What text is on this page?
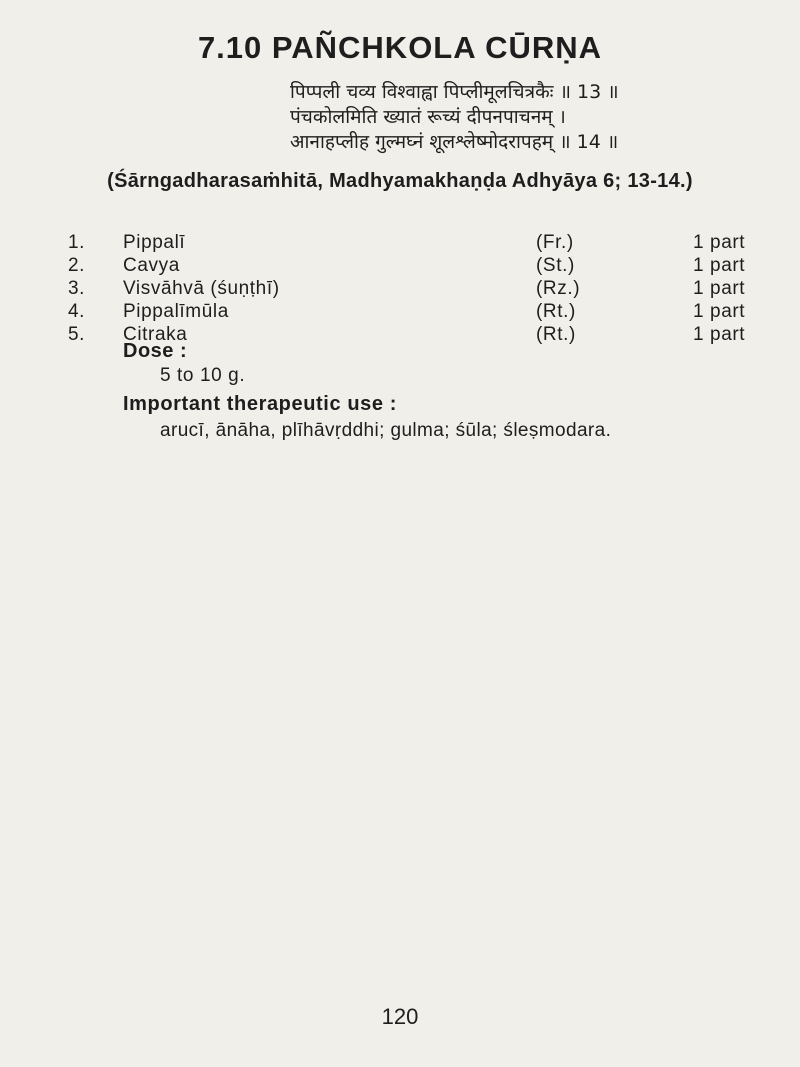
7.10 PAÑCHKOLA CŪRṆA
पिप्पली चव्य विश्वाह्वा पिप्लीमूलचित्रकैः ॥ 13 ॥
पंचकोलमिति ख्यातं रूच्यं दीपनपाचनम् ।
आनाहप्लीह गुल्मघ्नं शूलश्लेष्मोदरापहम् ॥ 14 ॥
(Śārngadharasaṁhitā, Madhyamakhaṇḍa Adhyāya 6; 13-14.)
1. Pippalī	(Fr.)	1 part
2. Cavya	(St.)	1 part
3. Visvāhvā (śuṇṭhī)	(Rz.)	1 part
4. Pippalīmūla	(Rt.)	1 part
5. Citraka	(Rt.)	1 part
Dose :
5 to 10 g.
Important therapeutic use :
arucī, ānāha, plīhāvṛddhi; gulma; śūla; śleṣmodara.
120
